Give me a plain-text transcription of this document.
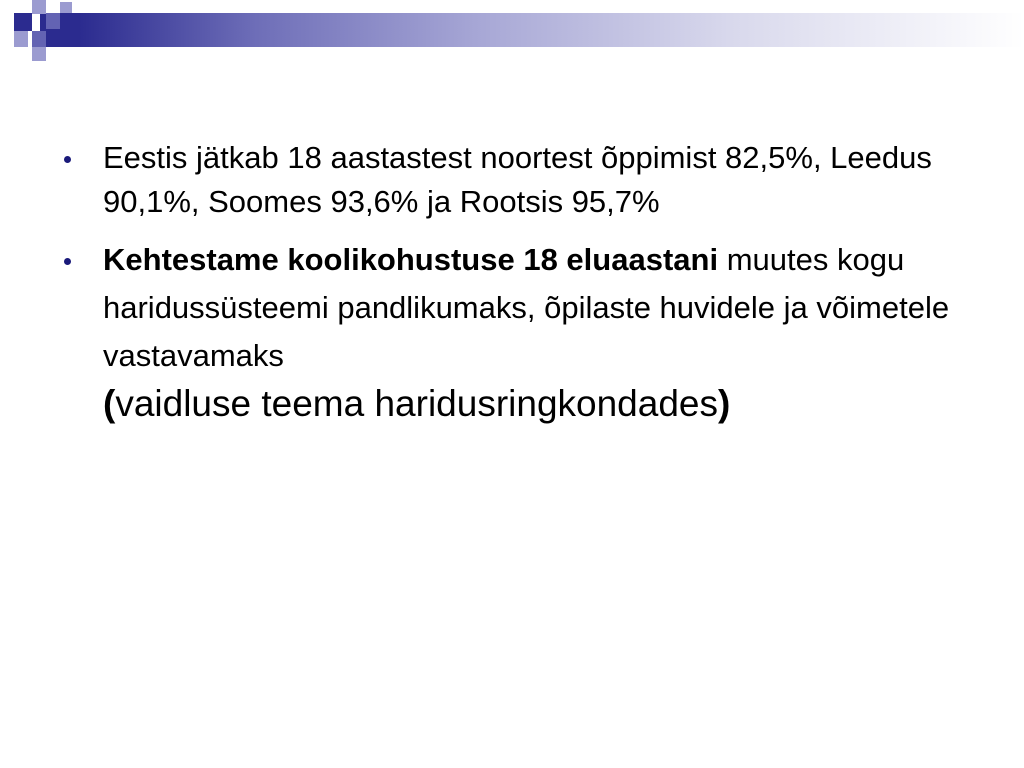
Eestis jätkab 18 aastastest noortest õppimist 82,5%, Leedus 90,1%, Soomes 93,6% ja Rootsis 95,7%
Kehtestame koolikohustuse 18 eluaastani muutes kogu haridussüsteemi pandlikumaks, õpilaste huvidele ja võimetele vastavamaks
(vaidluse teema haridusringkondades)
